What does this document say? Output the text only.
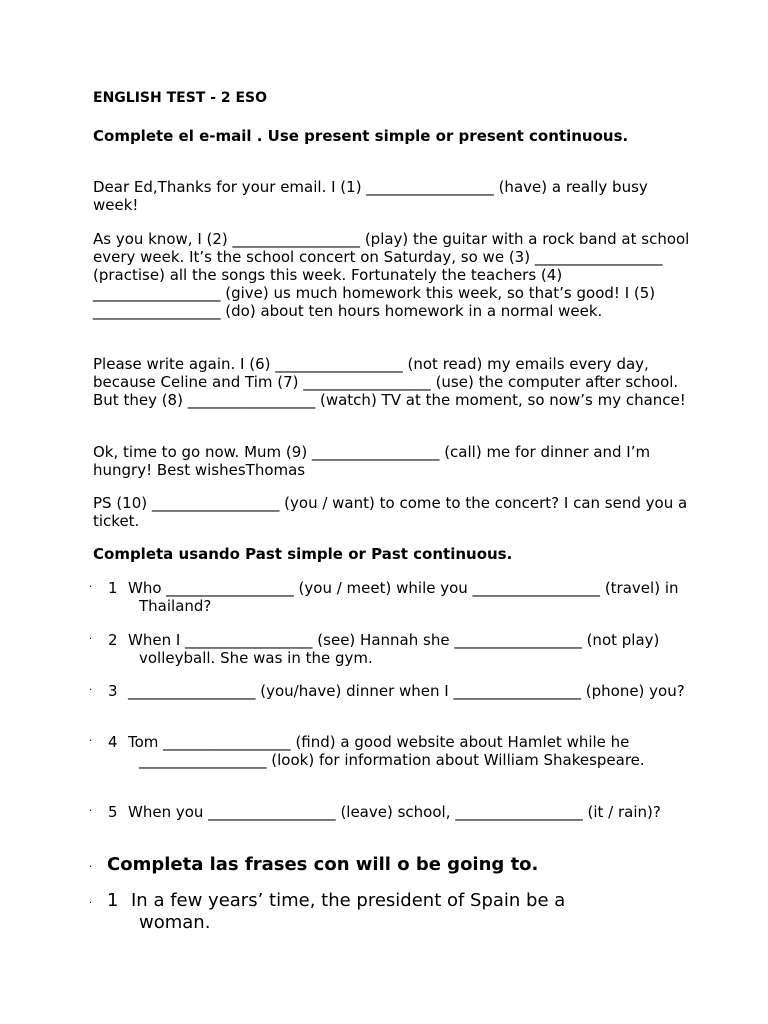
ENGLISH TEST - 2 ESO

Complete el e-mail . Use present simple or present continuous.

Dear Ed,Thanks for your email. I (1) _________________ (have) a really busy week!

As you know, I (2) _________________ (play) the guitar with a rock band at school every week. It’s the school concert on Saturday, so we (3) _________________ (practise) all the songs this week. Fortunately the teachers (4) _________________ (give) us much homework this week, so that’s good! I (5) _________________ (do) about ten hours homework in a normal week.

Please write again. I (6) _________________ (not read) my emails every day, because Celine and Tim (7) _________________ (use) the computer after school. But they (8) _________________ (watch) TV at the moment, so now’s my chance!

Ok, time to go now. Mum (9) _________________ (call) me for dinner and I’m hungry! Best wishesThomas

PS (10) _________________ (you / want) to come to the concert? I can send you a ticket.

Completa usando Past simple or Past continuous.

· 1 Who _________________ (you / meet) while you _________________ (travel) in Thailand?
· 2 When I _________________ (see) Hannah she _________________ (not play) volleyball. She was in the gym.
· 3 _________________ (you/have) dinner when I _________________ (phone) you?
· 4 Tom _________________ (find) a good website about Hamlet while he _________________ (look) for information about William Shakespeare.
· 5 When you _________________ (leave) school, _________________ (it / rain)?
· Completa las frases con will o be going to.
· 1 In a few years’ time, the president of Spain be a woman.
